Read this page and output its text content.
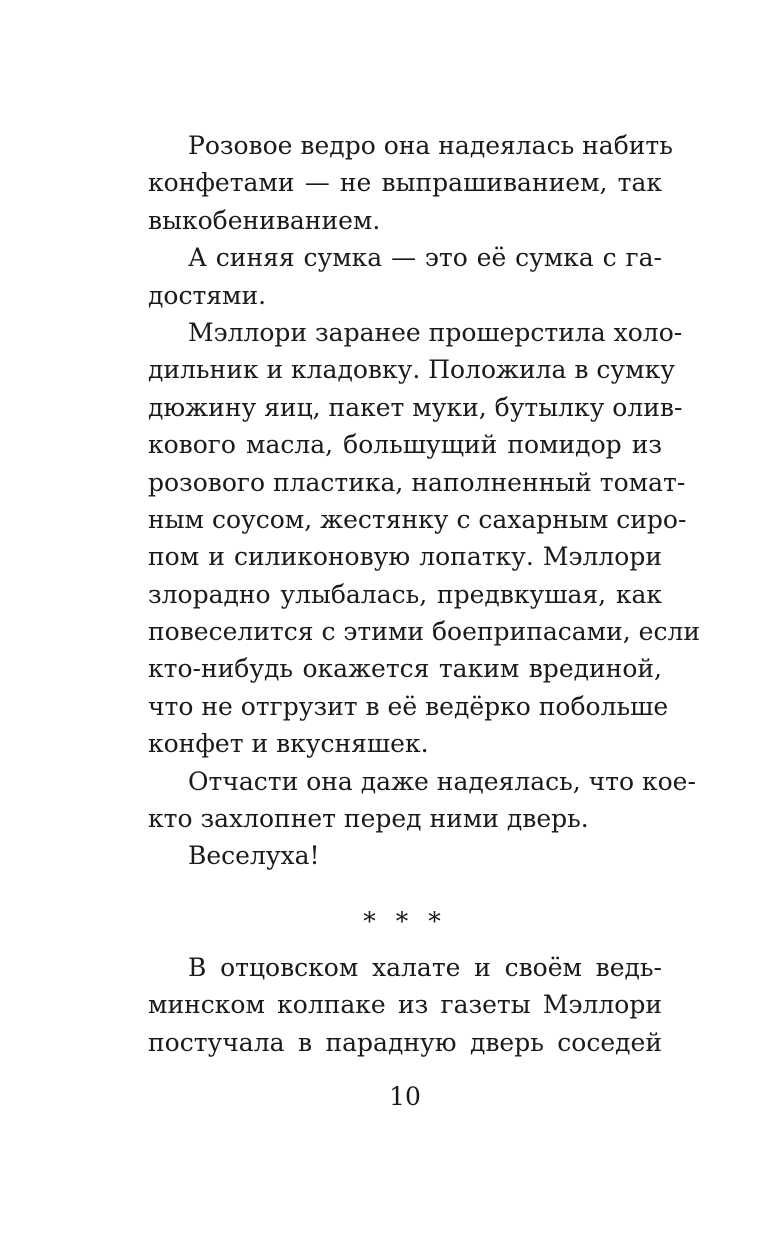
Розовое ведро она надеялась набить
конфетами — не выпрашиванием, так
выкобениванием.
А синяя сумка — это её сумка с га-
достями.
Мэллори заранее прошерстила холо-
дильник и кладовку. Положила в сумку
дюжину яиц, пакет муки, бутылку олив-
кового масла, большущий помидор из
розового пластика, наполненный томат-
ным соусом, жестянку с сахарным сиро-
пом и силиконовую лопатку. Мэллори
злорадно улыбалась, предвкушая, как
повеселится с этими боеприпасами, если
кто-нибудь окажется таким врединой,
что не отгрузит в её ведёрко побольше
конфет и вкусняшек.
Отчасти она даже надеялась, что кое-
кто захлопнет перед ними дверь.
Веселуха!
* * *
В отцовском халате и своём ведь-
минском колпаке из газеты Мэллори
постучала в парадную дверь соседей
10
